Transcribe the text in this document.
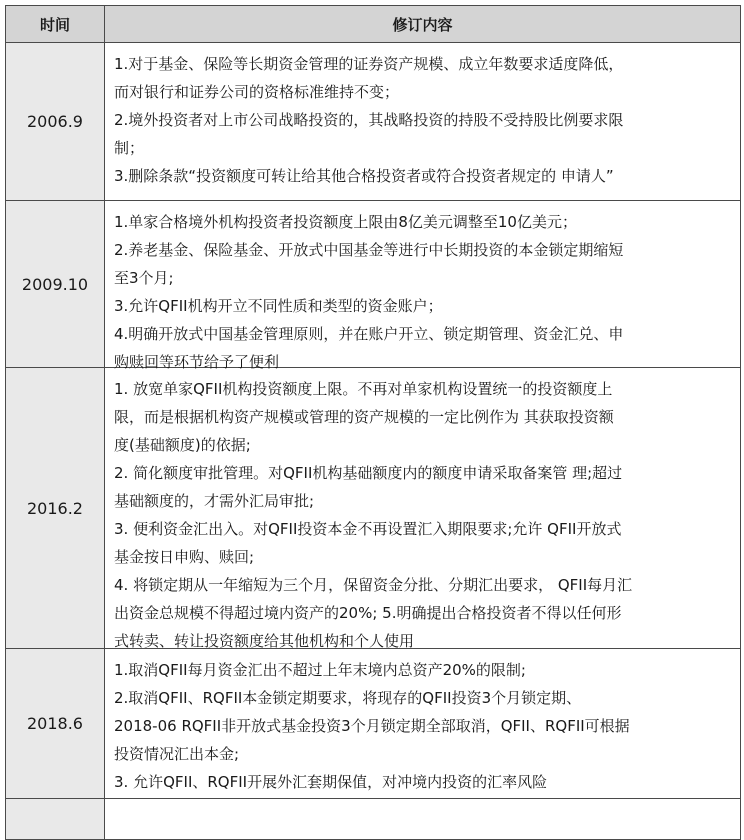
时间	修订内容
2006.9
1.对于基金、保险等长期资金管理的证券资产规模、成立年数要求适度降低，
而对银行和证券公司的资格标准维持不变；
2.境外投资者对上市公司战略投资的，其战略投资的持股不受持股比例要求限
制；
3.删除条款“投资额度可转让给其他合格投资者或符合投资者规定的 申请人”
2009.10
1.单家合格境外机构投资者投资额度上限由8亿美元调整至10亿美元；
2.养老基金、保险基金、开放式中国基金等进行中长期投资的本金锁定期缩短
至3个月;
3.允许QFII机构开立不同性质和类型的资金账户；
4.明确开放式中国基金管理原则，并在账户开立、锁定期管理、资金汇兑、申
购赎回等环节给予了便利
2016.2
1. 放宽单家QFII机构投资额度上限。不再对单家机构设置统一的投资额度上
限，而是根据机构资产规模或管理的资产规模的一定比例作为 其获取投资额
度(基础额度)的依据;
2. 简化额度审批管理。对QFII机构基础额度内的额度申请采取备案管 理;超过
基础额度的，才需外汇局审批;
3. 便利资金汇出入。对QFII投资本金不再设置汇入期限要求;允许 QFII开放式
基金按日申购、赎回;
4. 将锁定期从一年缩短为三个月，保留资金分批、分期汇出要求， QFII每月汇
出资金总规模不得超过境内资产的20%; 5.明确提出合格投资者不得以任何形
式转卖、转让投资额度给其他机构和个人使用
2018.6
1.取消QFII每月资金汇出不超过上年末境内总资产20%的限制;
2.取消QFII、RQFII本金锁定期要求，将现存的QFII投资3个月锁定期、
2018-06 RQFII非开放式基金投资3个月锁定期全部取消，QFII、RQFII可根据
投资情况汇出本金;
3. 允许QFII、RQFII开展外汇套期保值，对冲境内投资的汇率风险
